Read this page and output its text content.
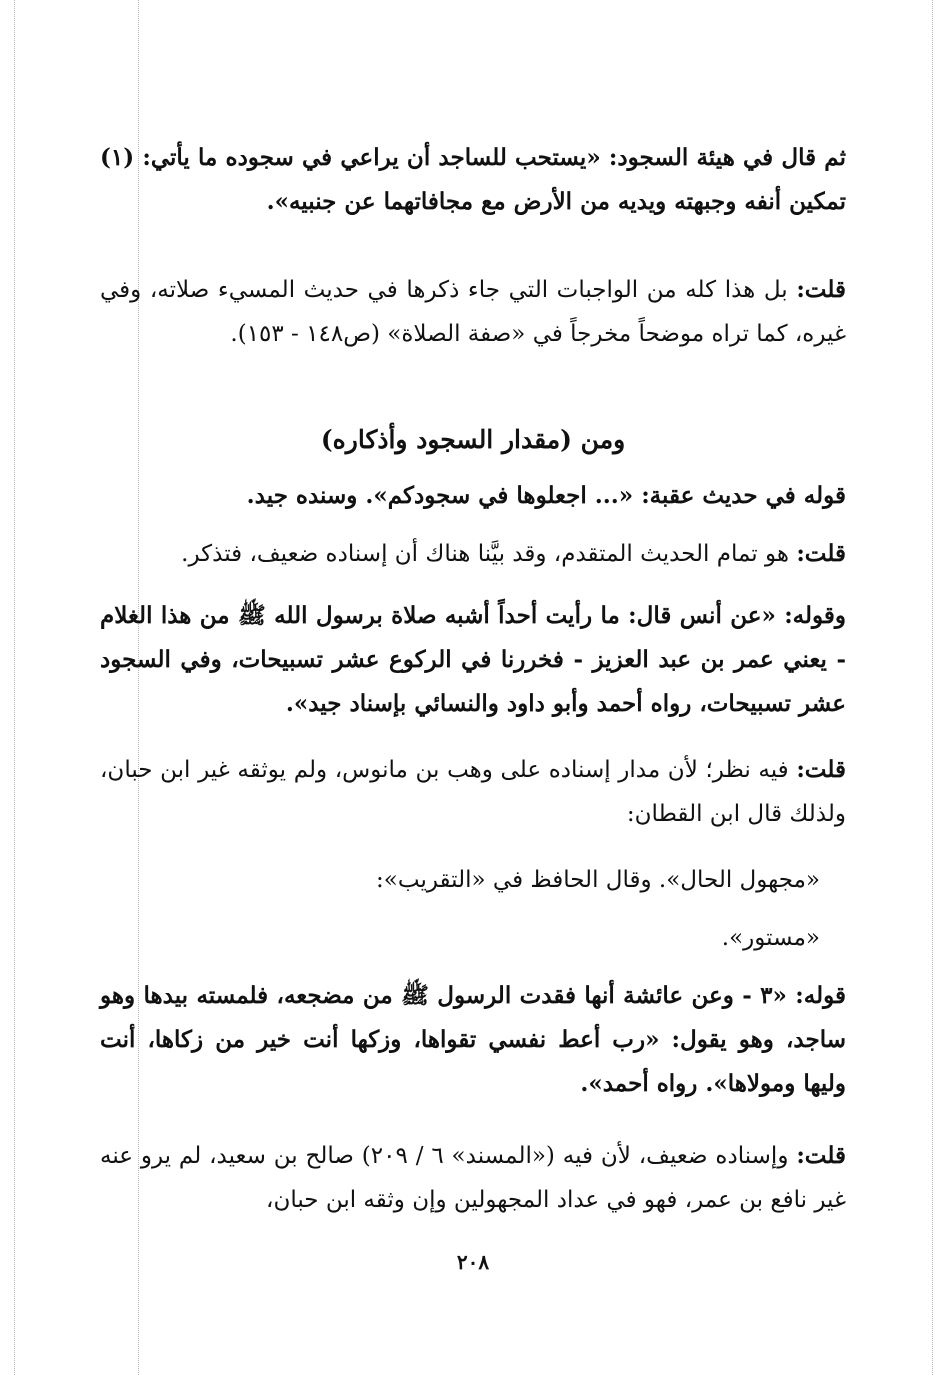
ثم قال في هيئة السجود: «يستحب للساجد أن يراعي في سجوده ما يأتي: (١) تمكين أنفه وجبهته ويديه من الأرض مع مجافاتهما عن جنبيه».
قلت: بل هذا كله من الواجبات التي جاء ذكرها في حديث المسيء صلاته، وفي غيره، كما تراه موضحاً مخرجاً في «صفة الصلاة» (ص١٤٨ - ١٥٣).
ومن (مقدار السجود وأذكاره)
قوله في حديث عقبة: «... اجعلوها في سجودكم». وسنده جيد.
قلت: هو تمام الحديث المتقدم، وقد بيَّنا هناك أن إسناده ضعيف، فتذكر.
وقوله: «عن أنس قال: ما رأيت أحداً أشبه صلاة برسول الله ﷺ من هذا الغلام - يعني عمر بن عبد العزيز - فخررنا في الركوع عشر تسبيحات، وفي السجود عشر تسبيحات، رواه أحمد وأبو داود والنسائي بإسناد جيد».
قلت: فيه نظر؛ لأن مدار إسناده على وهب بن مانوس، ولم يوثقه غير ابن حبان، ولذلك قال ابن القطان:
«مجهول الحال». وقال الحافظ في «التقريب»:
«مستور».
قوله: «٣ - وعن عائشة أنها فقدت الرسول ﷺ من مضجعه، فلمسته بيدها وهو ساجد، وهو يقول: «رب أعط نفسي تقواها، وزكها أنت خير من زكاها، أنت وليها ومولاها». رواه أحمد».
قلت: وإسناده ضعيف، لأن فيه («المسند» ٦ / ٢٠٩) صالح بن سعيد، لم يرو عنه غير نافع بن عمر، فهو في عداد المجهولين وإن وثقه ابن حبان،
٢٠٨
